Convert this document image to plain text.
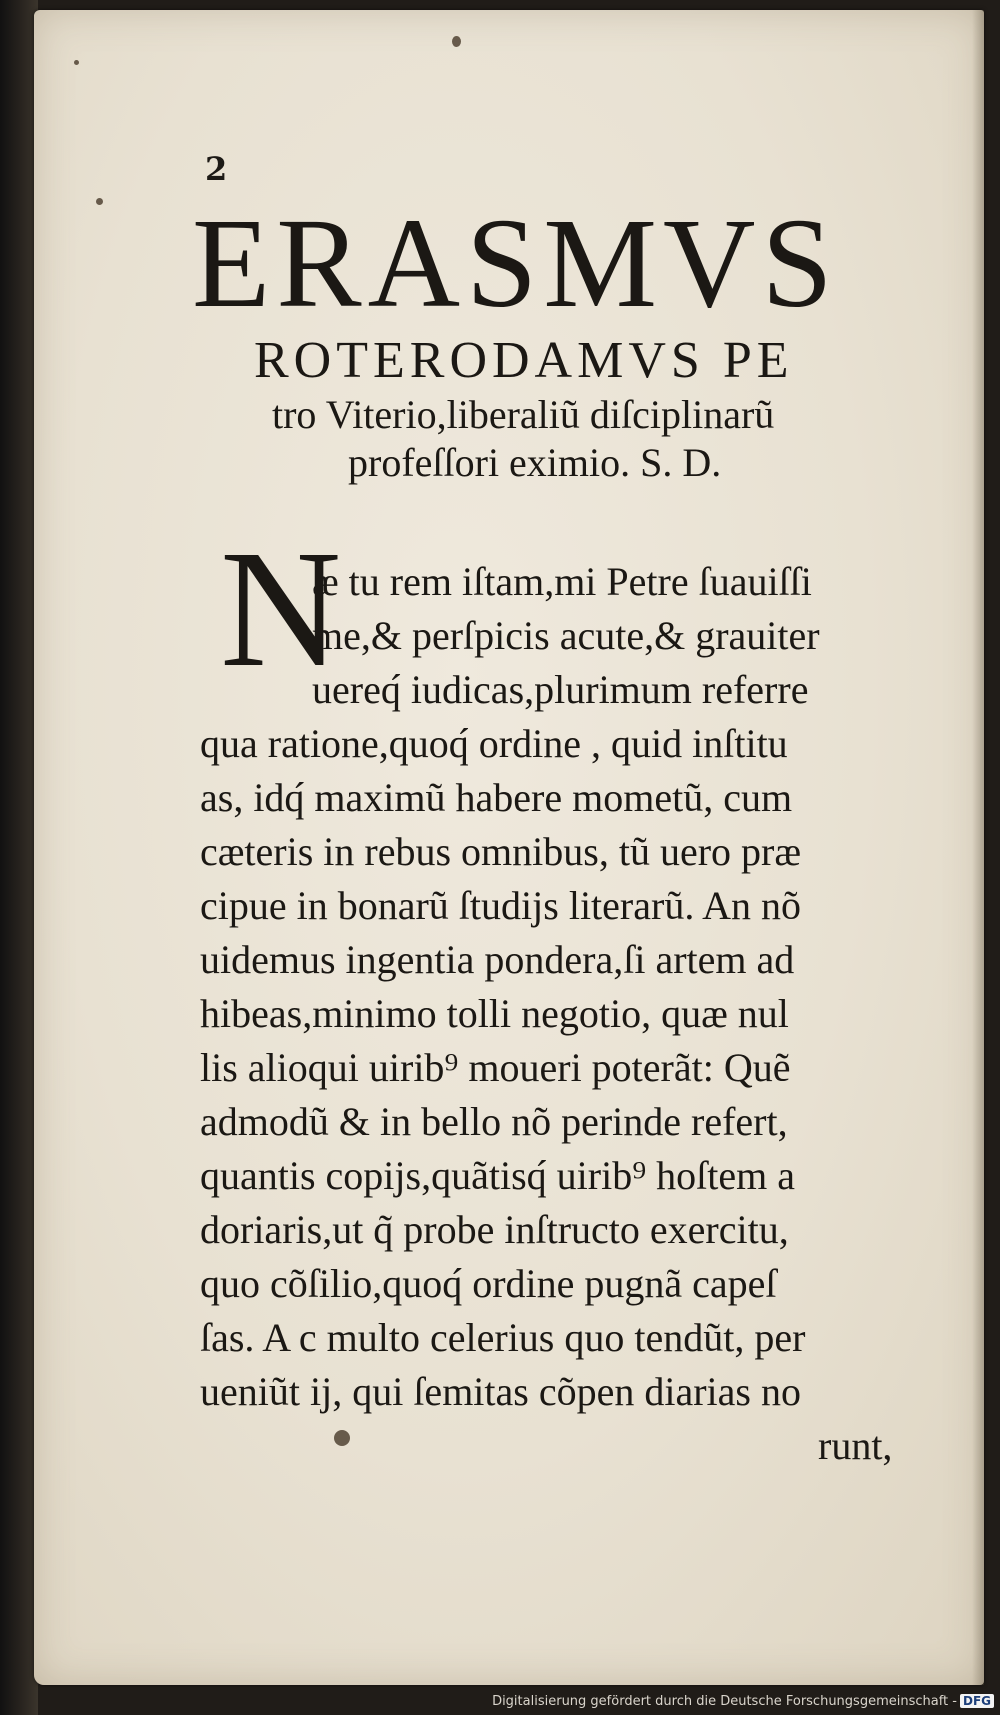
2
ERASMVS
ROTERODAMVS PE
tro Viterio,liberaliũ diſciplinarũ
profeſſori eximio. S. D.
N
æ tu rem iſtam,mi Petre ſuauiſſi
me,& perſpicis acute,& grauiter
uereq́ iudicas,plurimum referre
qua ratione,quoq́ ordine , quid inſtitu
as, idq́ maximũ habere mometũ, cum
cæteris in rebus omnibus, tũ uero præ
cipue in bonarũ ſtudijs literarũ. An nõ
uidemus ingentia pondera,ſi artem ad
hibeas,minimo tolli negotio, quæ nul
lis alioqui uirib⁹ moueri poterãt: Quẽ
admodũ & in bello nõ perinde refert,
quantis copijs,quãtisq́ uirib⁹ hoſtem a
doriaris,ut q̃ probe inſtructo exercitu,
quo cõſilio,quoq́ ordine pugnã capeſ
ſas. A c multo celerius quo tendũt, per
ueniũt ij, qui ſemitas cõpen diarias no
runt,
Digitalisierung gefördert durch die Deutsche Forschungsgemeinschaft - DFG
